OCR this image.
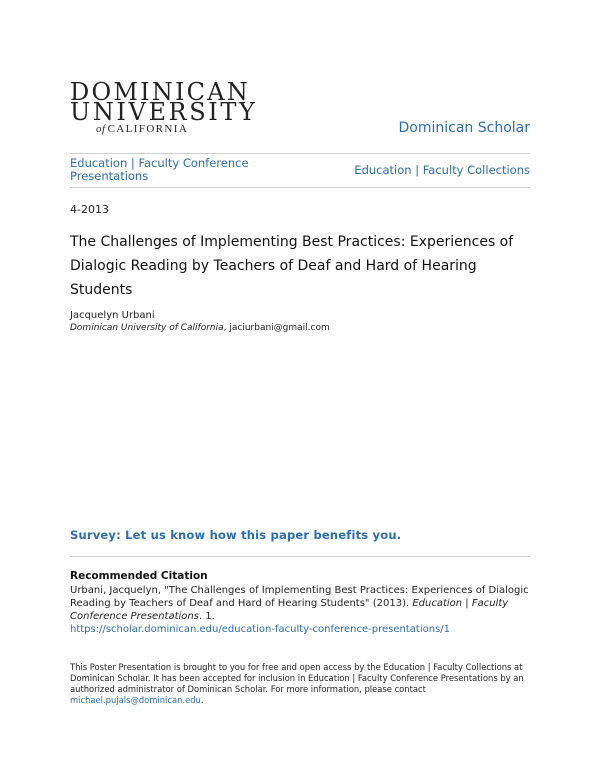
DOMINICAN
UNIVERSITY
of CALIFORNIA	Dominican Scholar
Education | Faculty Conference Presentations	Education | Faculty Collections
4-2013
The Challenges of Implementing Best Practices: Experiences of Dialogic Reading by Teachers of Deaf and Hard of Hearing Students
Jacquelyn Urbani
Dominican University of California, jaciurbani@gmail.com
Survey: Let us know how this paper benefits you.
Recommended Citation
Urbani, Jacquelyn, "The Challenges of Implementing Best Practices: Experiences of Dialogic Reading by Teachers of Deaf and Hard of Hearing Students" (2013). Education | Faculty Conference Presentations. 1.
https://scholar.dominican.edu/education-faculty-conference-presentations/1
This Poster Presentation is brought to you for free and open access by the Education | Faculty Collections at Dominican Scholar. It has been accepted for inclusion in Education | Faculty Conference Presentations by an authorized administrator of Dominican Scholar. For more information, please contact michael.pujals@dominican.edu.
